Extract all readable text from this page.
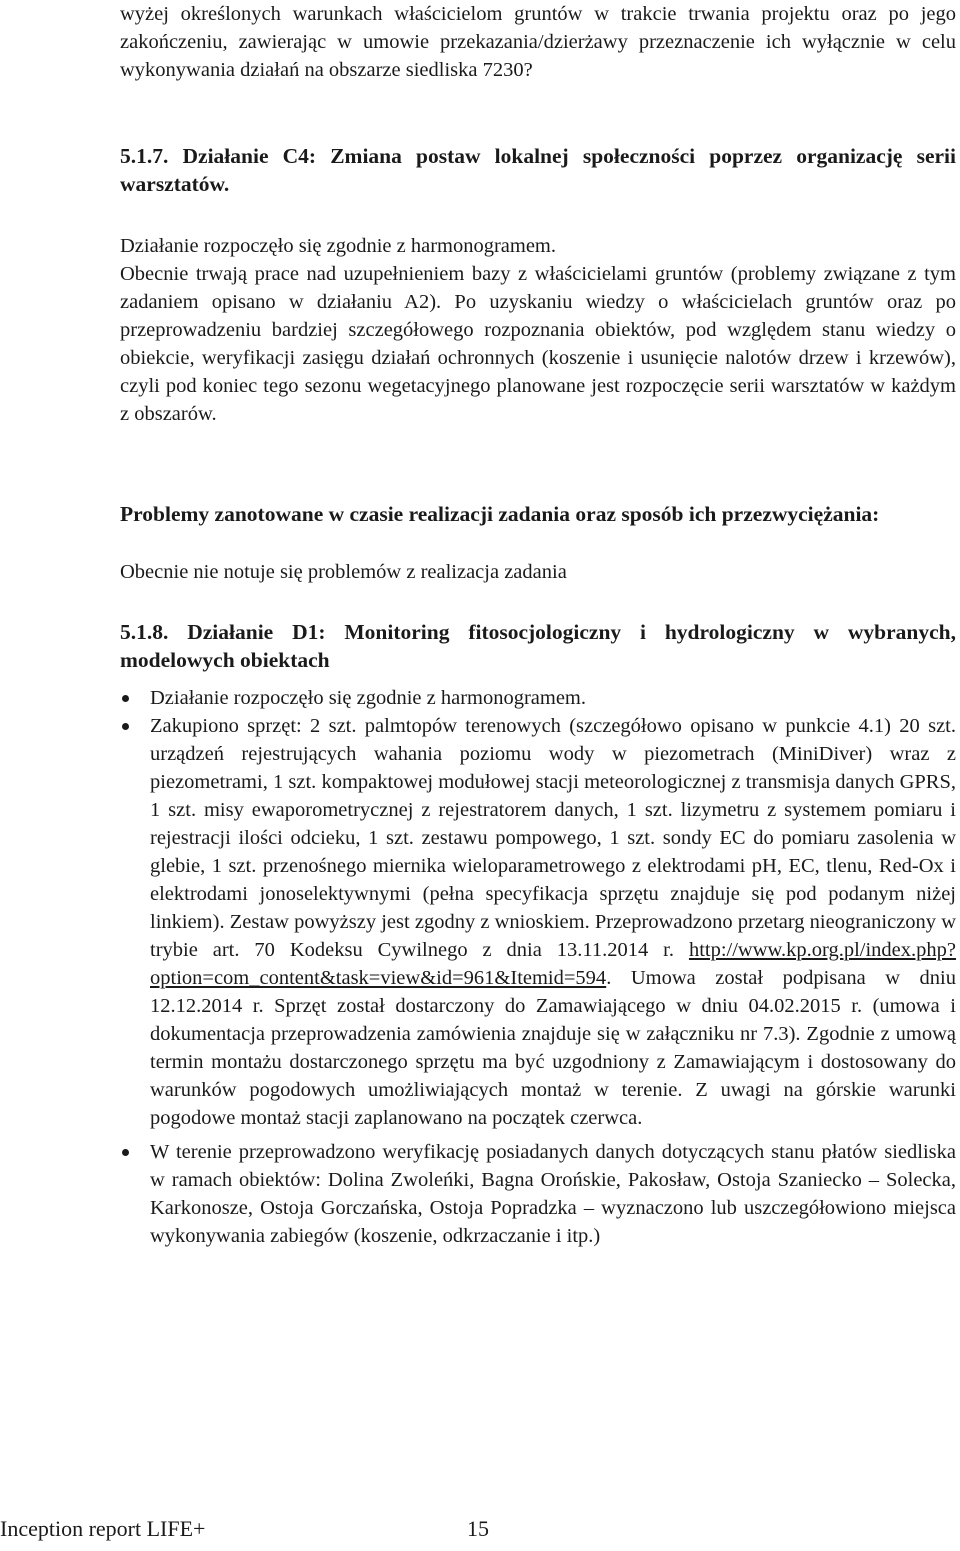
wyżej określonych warunkach właścicielom gruntów w trakcie trwania projektu oraz po jego zakończeniu, zawierając w umowie przekazania/dzierżawy przeznaczenie ich wyłącznie w celu wykonywania działań na obszarze siedliska 7230?

5.1.7. Działanie C4: Zmiana postaw lokalnej społeczności poprzez organizację serii warsztatów.

Działanie rozpoczęło się zgodnie z harmonogramem.

Obecnie trwają prace nad uzupełnieniem bazy z właścicielami gruntów (problemy związane z tym zadaniem opisano w działaniu A2). Po uzyskaniu wiedzy o właścicielach gruntów oraz po przeprowadzeniu bardziej szczegółowego rozpoznania obiektów, pod względem stanu wiedzy o obiekcie, weryfikacji zasięgu działań ochronnych (koszenie i usunięcie nalotów drzew i krzewów), czyli pod koniec tego sezonu wegetacyjnego planowane jest rozpoczęcie serii warsztatów w każdym z obszarów.

Problemy zanotowane w czasie realizacji zadania oraz sposób ich przezwyciężania:

Obecnie nie notuje się problemów z realizacja zadania

5.1.8. Działanie D1: Monitoring fitosocjologiczny i hydrologiczny w wybranych, modelowych obiektach
Działanie rozpoczęło się zgodnie z harmonogramem.
Zakupiono sprzęt: 2 szt. palmtopów terenowych (szczegółowo opisano w punkcie 4.1) 20 szt. urządzeń rejestrujących wahania poziomu wody w piezometrach (MiniDiver) wraz z piezometrami, 1 szt. kompaktowej modułowej stacji meteorologicznej z transmisja danych GPRS, 1 szt. misy ewaporometrycznej z rejestratorem danych, 1 szt. lizymetru z systemem pomiaru i rejestracji ilości odcieku, 1 szt. zestawu pompowego, 1 szt. sondy EC do pomiaru zasolenia w glebie, 1 szt. przenośnego miernika wieloparametrowego z elektrodami pH, EC, tlenu, Red-Ox i elektrodami jonoselektywnymi (pełna specyfikacja sprzętu znajduje się pod podanym niżej linkiem). Zestaw powyższy jest zgodny z wnioskiem. Przeprowadzono przetarg nieograniczony w trybie art. 70 Kodeksu Cywilnego z dnia 13.11.2014 r. http://www.kp.org.pl/index.php?option=com_content&task=view&id=961&Itemid=594. Umowa został podpisana w dniu 12.12.2014 r. Sprzęt został dostarczony do Zamawiającego w dniu 04.02.2015 r. (umowa i dokumentacja przeprowadzenia zamówienia znajduje się w załączniku nr 7.3). Zgodnie z umową termin montażu dostarczonego sprzętu ma być uzgodniony z Zamawiającym i dostosowany do warunków pogodowych umożliwiających montaż w terenie. Z uwagi na górskie warunki pogodowe montaż stacji zaplanowano na początek czerwca.
W terenie przeprowadzono weryfikację posiadanych danych dotyczących stanu płatów siedliska w ramach obiektów: Dolina Zwoleńki, Bagna Orońskie, Pakosław, Ostoja Szaniecko – Solecka, Karkonosze, Ostoja Gorczańska, Ostoja Popradzka – wyznaczono lub uszczegółowiono miejsca wykonywania zabiegów (koszenie, odkrzaczanie i itp.)
Inception report LIFE+	15
